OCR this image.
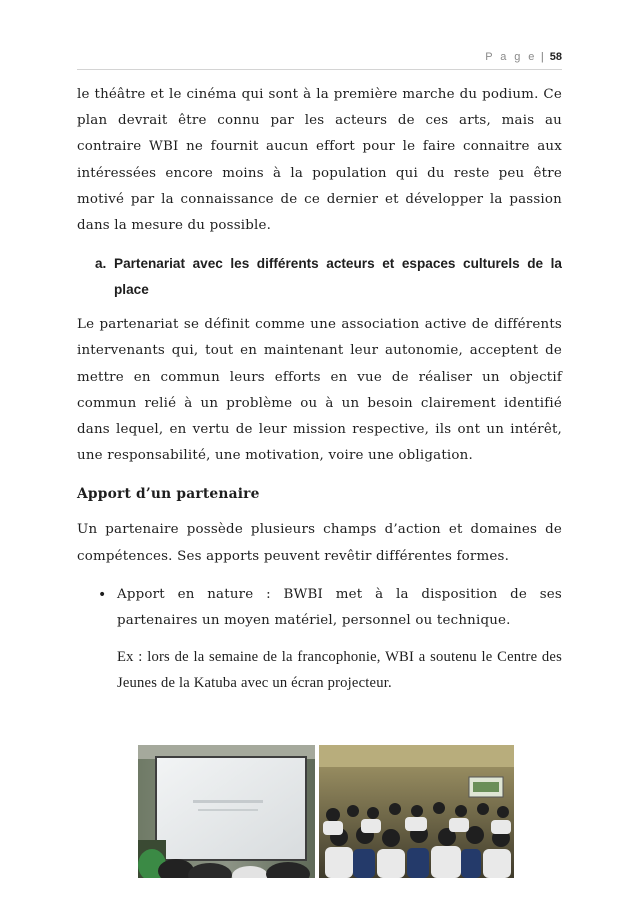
P a g e | 58

le théâtre et le cinéma qui sont à la première marche du podium. Ce plan devrait être connu par les acteurs de ces arts, mais au contraire WBI ne fournit aucun effort pour le faire connaitre aux intéressées encore moins à la population qui du reste peu être motivé par la connaissance de ce dernier et développer la passion dans la mesure du possible.

a. Partenariat avec les différents acteurs et espaces culturels de la place

Le partenariat se définit comme une association active de différents intervenants qui, tout en maintenant leur autonomie, acceptent de mettre en commun leurs efforts en vue de réaliser un objectif commun relié à un problème ou à un besoin clairement identifié dans lequel, en vertu de leur mission respective, ils ont un intérêt, une responsabilité, une motivation, voire une obligation.

Apport d’un partenaire

Un partenaire possède plusieurs champs d’action et domaines de compétences. Ses apports peuvent revêtir différentes formes.

• Apport en nature : BWBI met à la disposition de ses partenaires un moyen matériel, personnel ou technique.

Ex : lors de la semaine de la francophonie, WBI a soutenu le Centre des Jeunes de la Katuba avec un écran projecteur.
